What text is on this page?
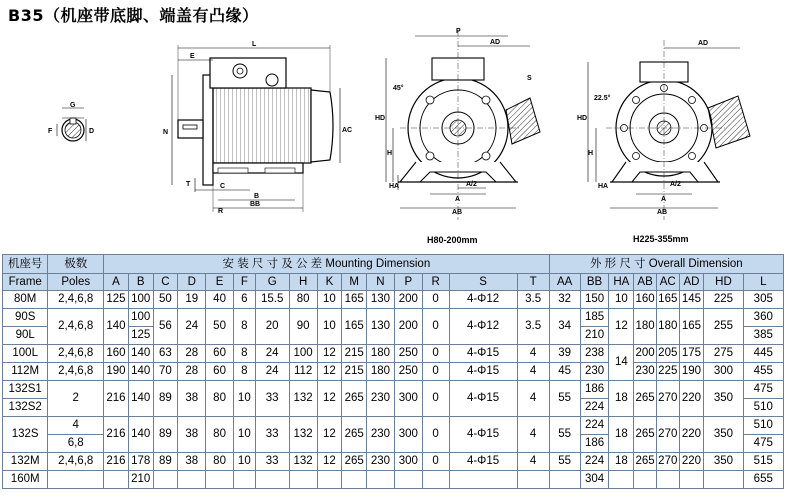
B35（机座带底脚、端盖有凸缘）
G
F	D
L
E
N	AC
T	C
B
BB
R
P
AD
HD
H
45°
HA	A/2
A
AB
S
H80-200mm
AD
HD
H
22.5°
HA	A/2
A
AB
H225-355mm
机座号	极数	安 装 尺 寸 及 公 差 Mounting Dimension															外 形 尺 寸 Overall Dimension							
Frame	Poles	A	B	C	D	E	F	G	H	K	M	N	P	R	S	T	AA	BB	HA	AB	AC	AD	HD	L
80M	2,4,6,8	125	100	50	19	40	6	15.5	80	10	165	130	200	0	4-Φ12	3.5	32	150	10	160	165	145	225	305
90S	2,4,6,8	140	100	56	24	50	8	20	90	10	165	130	200	0	4-Φ12	3.5	34	185	12	180	180	165	255	360
90L			125															210						385
100L	2,4,6,8	160	140	63	28	60	8	24	100	12	215	180	250	0	4-Φ15	4	39	238	14	200	205	175	275	445
112M	2,4,6,8	190	140	70	28	60	8	24	112	12	215	180	250	0	4-Φ15	4	45	230		230	225	190	300	455
132S1	2	216	140	89	38	80	10	33	132	12	265	230	300	0	4-Φ15	4	55	186	18	265	270	220	350	475
132S2																		224						510
132S	4	216	140	89	38	80	10	33	132	12	265	230	300	0	4-Φ15	4	55	224	18	265	270	220	350	510
	6,8																	186						475
132M	2,4,6,8	216	178	89	38	80	10	33	132	12	265	230	300	0	4-Φ15	4	55	224	18	265	270	220	350	515
160M			210															304						655
